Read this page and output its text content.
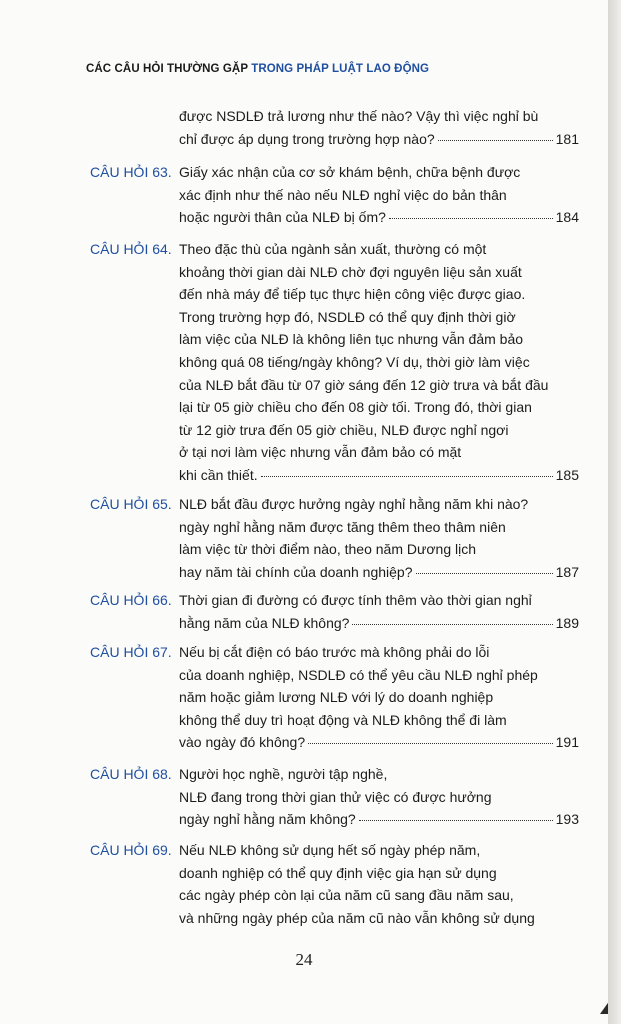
CÁC CÂU HỎI THƯỜNG GẶP TRONG PHÁP LUẬT LAO ĐỘNG
được NSDLĐ trả lương như thế nào? Vậy thì việc nghỉ bù
chỉ được áp dụng trong trường hợp nào?	181
CÂU HỎI 63. Giấy xác nhận của cơ sở khám bệnh, chữa bệnh được
xác định như thế nào nếu NLĐ nghỉ việc do bản thân
hoặc người thân của NLĐ bị ốm?	184
CÂU HỎI 64. Theo đặc thù của ngành sản xuất, thường có một
khoảng thời gian dài NLĐ chờ đợi nguyên liệu sản xuất
đến nhà máy để tiếp tục thực hiện công việc được giao.
Trong trường hợp đó, NSDLĐ có thể quy định thời giờ
làm việc của NLĐ là không liên tục nhưng vẫn đảm bảo
không quá 08 tiếng/ngày không? Ví dụ, thời giờ làm việc
của NLĐ bắt đầu từ 07 giờ sáng đến 12 giờ trưa và bắt đầu
lại từ 05 giờ chiều cho đến 08 giờ tối. Trong đó, thời gian
từ 12 giờ trưa đến 05 giờ chiều, NLĐ được nghỉ ngơi
ở tại nơi làm việc nhưng vẫn đảm bảo có mặt
khi cần thiết.	185
CÂU HỎI 65. NLĐ bắt đầu được hưởng ngày nghỉ hằng năm khi nào?
ngày nghỉ hằng năm được tăng thêm theo thâm niên
làm việc từ thời điểm nào, theo năm Dương lịch
hay năm tài chính của doanh nghiệp?	187
CÂU HỎI 66. Thời gian đi đường có được tính thêm vào thời gian nghỉ
hằng năm của NLĐ không?	189
CÂU HỎI 67. Nếu bị cắt điện có báo trước mà không phải do lỗi
của doanh nghiệp, NSDLĐ có thể yêu cầu NLĐ nghỉ phép
năm hoặc giảm lương NLĐ với lý do doanh nghiệp
không thể duy trì hoạt động và NLĐ không thể đi làm
vào ngày đó không?	191
CÂU HỎI 68. Người học nghề, người tập nghề,
NLĐ đang trong thời gian thử việc có được hưởng
ngày nghỉ hằng năm không?	193
CÂU HỎI 69. Nếu NLĐ không sử dụng hết số ngày phép năm,
doanh nghiệp có thể quy định việc gia hạn sử dụng
các ngày phép còn lại của năm cũ sang đầu năm sau,
và những ngày phép của năm cũ nào vẫn không sử dụng
24
